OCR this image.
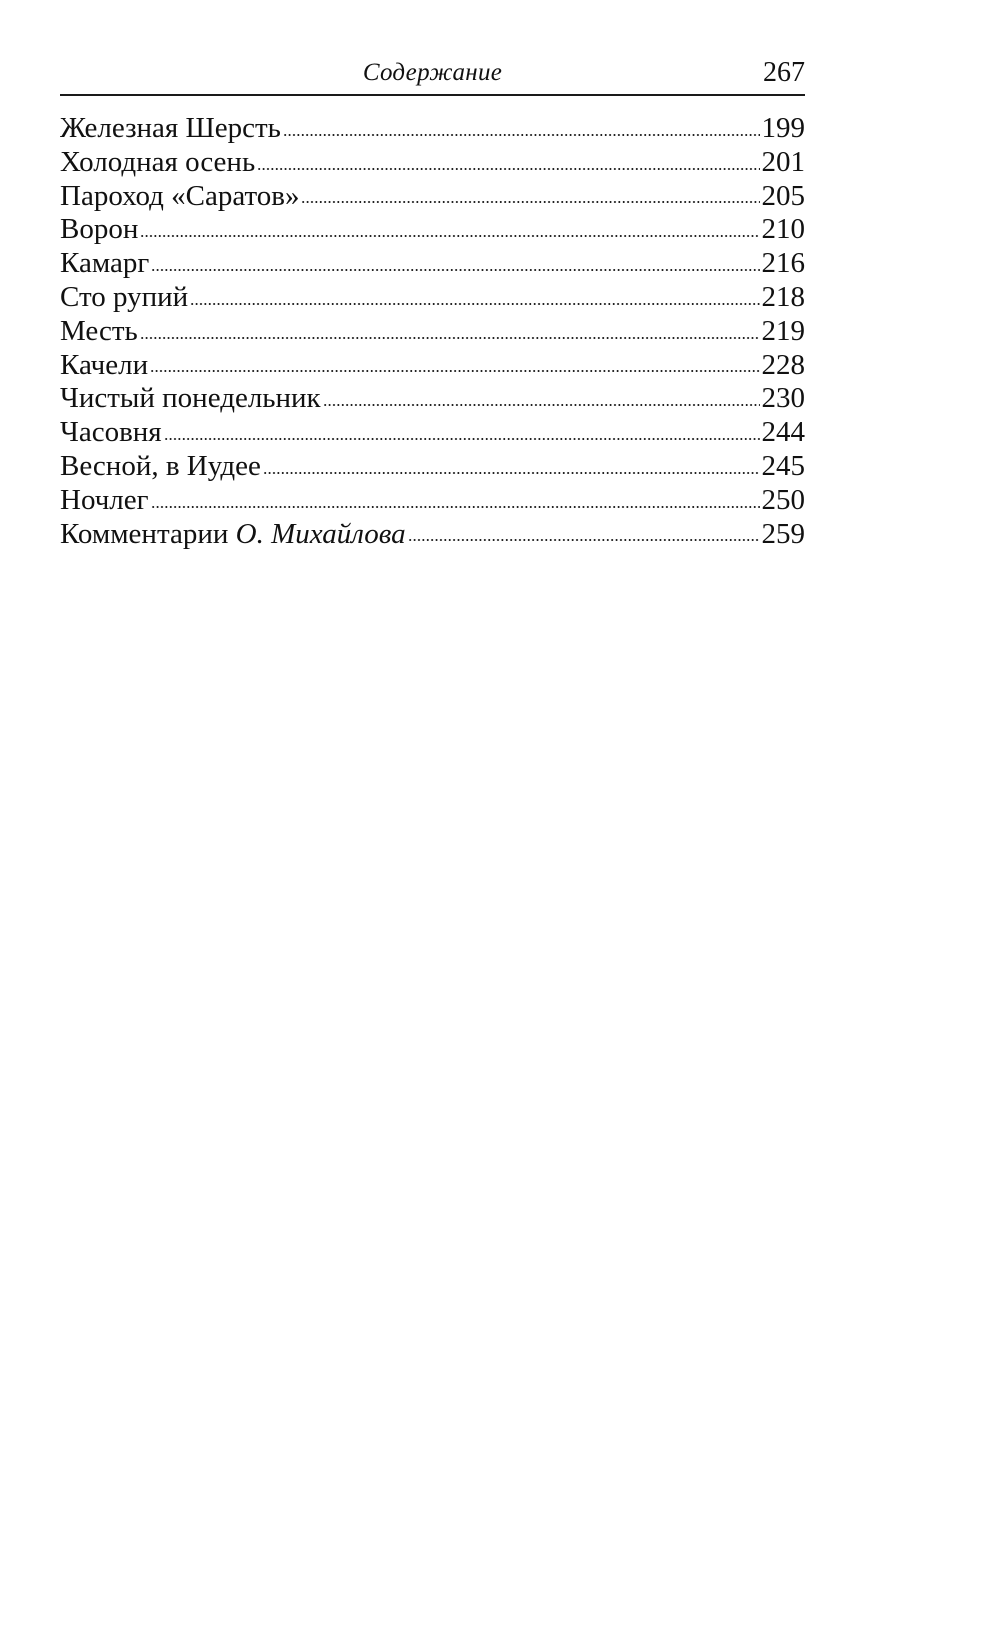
Содержание	267
Железная Шерсть	199
Холодная осень	201
Пароход «Саратов»	205
Ворон	210
Камарг	216
Сто рупий	218
Месть	219
Качели	228
Чистый понедельник	230
Часовня	244
Весной, в Иудее	245
Ночлег	250
Комментарии О. Михайлова	259
